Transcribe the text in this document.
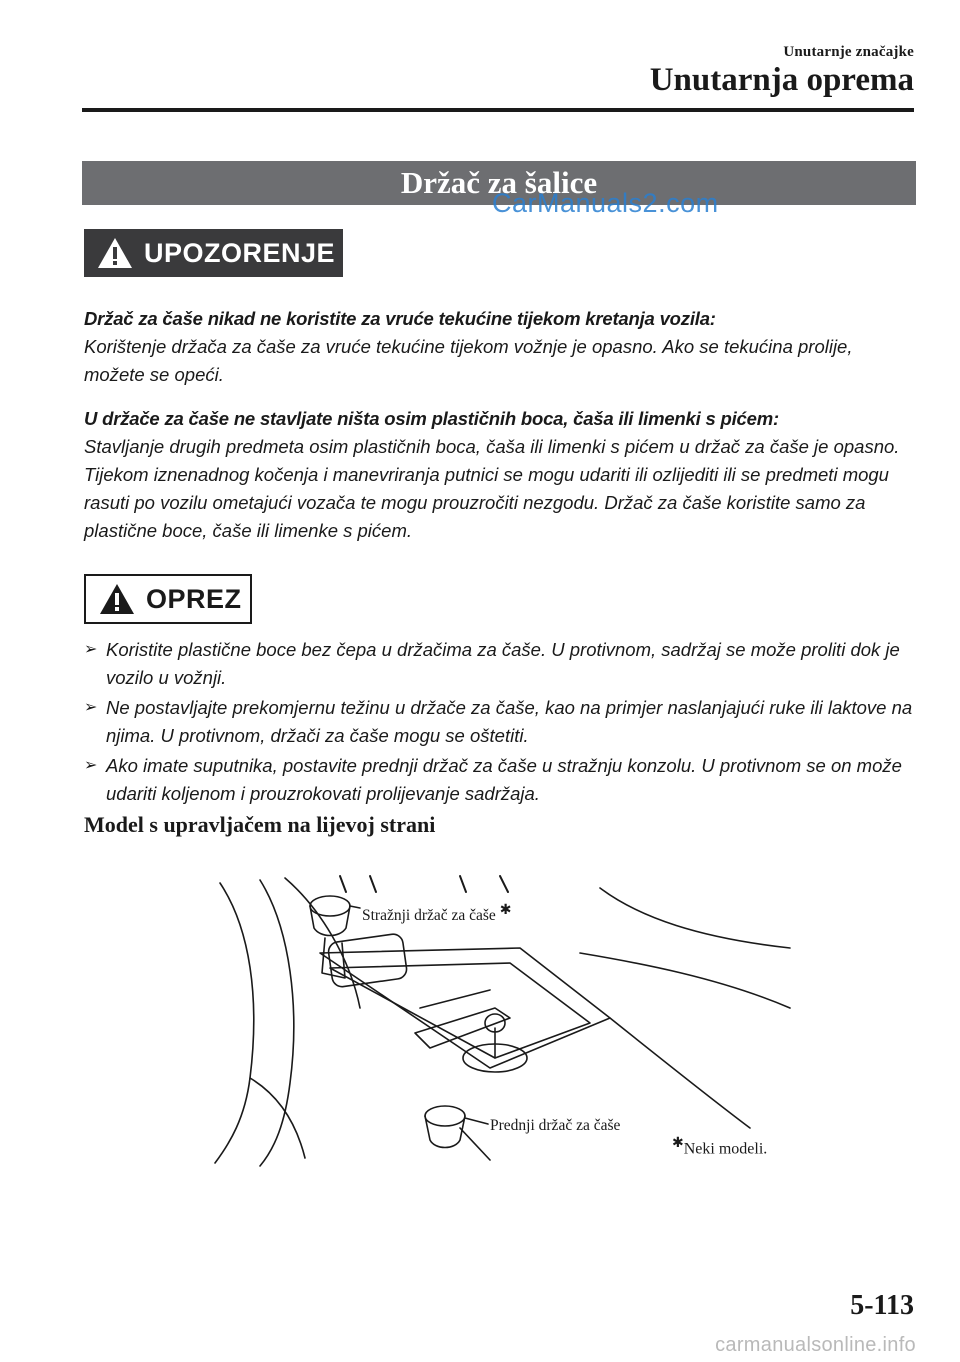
Unutarnje značajke
Unutarnja oprema
Držač za šalice
CarManuals2.com
UPOZORENJE
Držač za čaše nikad ne koristite za vruće tekućine tijekom kretanja vozila:
Korištenje držača za čaše za vruće tekućine tijekom vožnje je opasno. Ako se tekućina prolije, možete se opeći.
U držače za čaše ne stavljate ništa osim plastičnih boca, čaša ili limenki s pićem:
Stavljanje drugih predmeta osim plastičnih boca, čaša ili limenki s pićem u držač za čaše je opasno. Tijekom iznenadnog kočenja i manevriranja putnici se mogu udariti ili ozlijediti ili se predmeti mogu rasuti po vozilu ometajući vozača te mogu prouzročiti nezgodu. Držač za čaše koristite samo za plastične boce, čaše ili limenke s pićem.
OPREZ
➢ Koristite plastične boce bez čepa u držačima za čaše. U protivnom, sadržaj se može proliti dok je vozilo u vožnji.
➢ Ne postavljajte prekomjernu težinu u držače za čaše, kao na primjer naslanjajući ruke ili laktove na njima. U protivnom, držači za čaše mogu se oštetiti.
➢ Ako imate suputnika, postavite prednji držač za čaše u stražnju konzolu. U protivnom se on može udariti koljenom i prouzrokovati prolijevanje sadržaja.
Model s upravljačem na lijevoj strani
Stražnji držač za čaše ✱
Prednji držač za čaše
✱Neki modeli.
5-113
carmanualsonline.info
